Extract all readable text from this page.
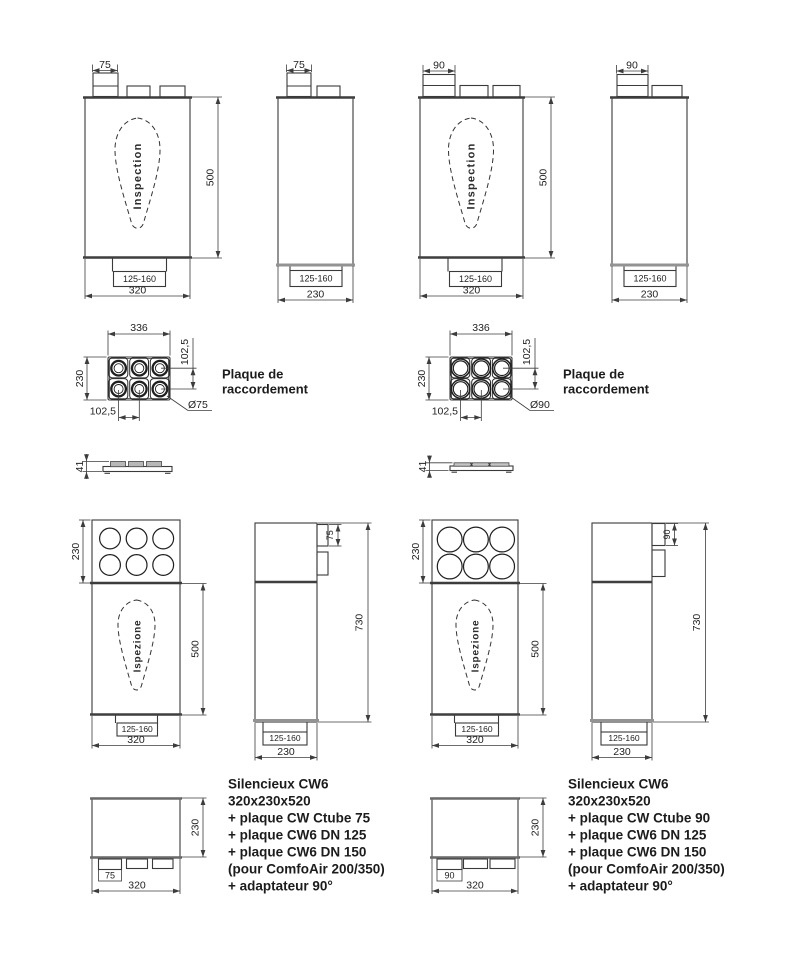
75
500
Inspection
125-160
320
75
125-160
230
90
500
Inspection
125-160
320
90
125-160
230
336
230
102,5
102,5
Ø75
Plaque de
raccordement
336
230
102,5
102,5
Ø90
Plaque de
raccordement
41	41
230
Ispezione	500
125-160
320
75
730
125-160
230
230
Ispezione	500
125-160
320
90
730
125-160
230
75
320
230
90
320
230
Silencieux CW6
320x230x520
+ plaque CW Ctube 75
+ plaque CW6 DN 125
+ plaque CW6 DN 150
(pour ComfoAir 200/350)
+ adaptateur 90°
Silencieux CW6
320x230x520
+ plaque CW Ctube 90
+ plaque CW6 DN 125
+ plaque CW6 DN 150
(pour ComfoAir 200/350)
+ adaptateur 90°
